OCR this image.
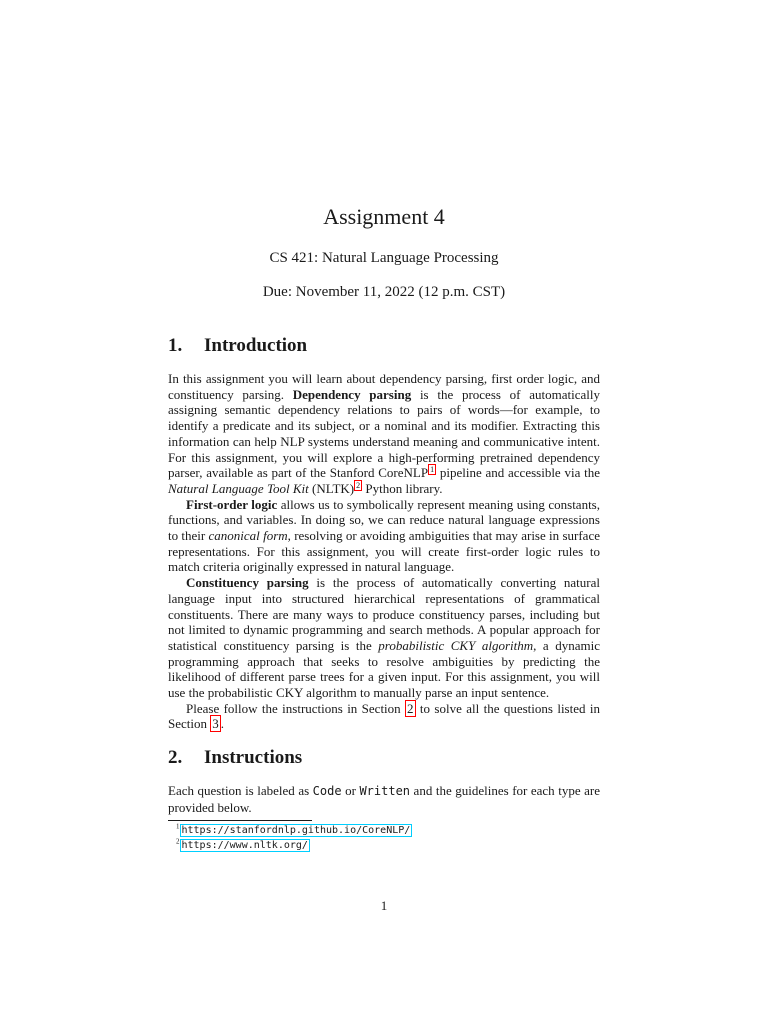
Assignment 4
CS 421: Natural Language Processing
Due: November 11, 2022 (12 p.m. CST)
1. Introduction

In this assignment you will learn about dependency parsing, first order logic, and constituency parsing. Dependency parsing is the process of automatically assigning semantic dependency relations to pairs of words—for example, to identify a predicate and its subject, or a nominal and its modifier. Extracting this information can help NLP systems understand meaning and communicative intent. For this assignment, you will explore a high-performing pretrained dependency parser, available as part of the Stanford CoreNLP $^1$ pipeline and accessible via the Natural Language Tool Kit (NLTK) $^2$ Python library.

First-order logic allows us to symbolically represent meaning using constants, functions, and variables. In doing so, we can reduce natural language expressions to their canonical form, resolving or avoiding ambiguities that may arise in surface representations. For this assignment, you will create first-order logic rules to match criteria originally expressed in natural language.

Constituency parsing is the process of automatically converting natural language input into structured hierarchical representations of grammatical constituents. There are many ways to produce constituency parses, including but not limited to dynamic programming and search methods. A popular approach for statistical constituency parsing is the probabilistic CKY algorithm, a dynamic programming approach that seeks to resolve ambiguities by predicting the likelihood of different parse trees for a given input. For this assignment, you will use the probabilistic CKY algorithm to manually parse an input sentence.

Please follow the instructions in Section 2 to solve all the questions listed in Section 3 .

2. Instructions

Each question is labeled as Code or Written and the guidelines for each type are provided below.

$^1$ https://stanfordnlp.github.io/CoreNLP/
$^2$ https://www.nltk.org/
1
